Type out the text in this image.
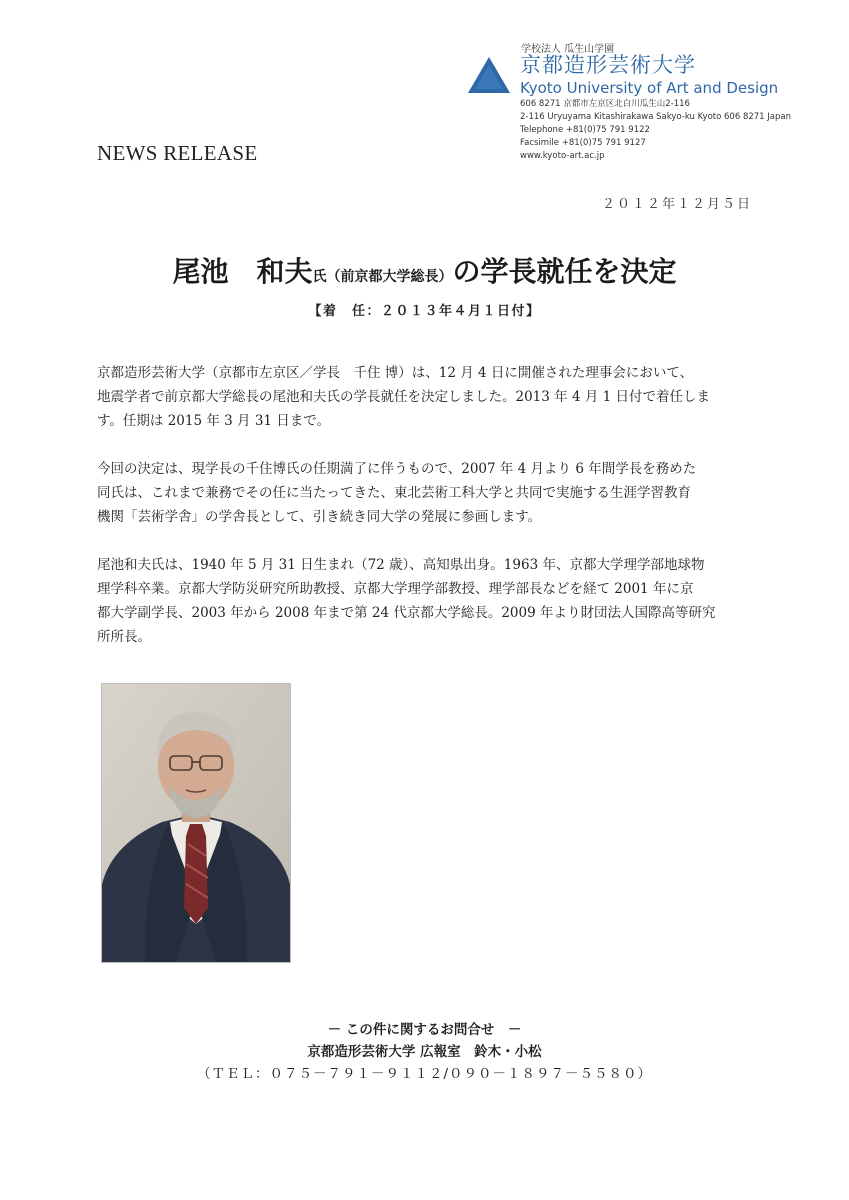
学校法人 瓜生山学園
京都造形芸術大学
Kyoto University of Art and Design
606 8271 京都市左京区北白川瓜生山2-116
2-116 Uryuyama Kitashirakawa Sakyo-ku Kyoto 606 8271 Japan
Telephone +81(0)75 791 9122
Facsimile +81(0)75 791 9127
www.kyoto-art.ac.jp
NEWS RELEASE
２０１２年１２月５日
尾池　和夫氏（前京都大学総長）の学長就任を決定
【着　任：２０１３年４月１日付】
京都造形芸術大学（京都市左京区／学長　千住 博）は、12 月 4 日に開催された理事会において、
地震学者で前京都大学総長の尾池和夫氏の学長就任を決定しました。2013 年 4 月 1 日付で着任しま
す。任期は 2015 年 3 月 31 日まで。
今回の決定は、現学長の千住博氏の任期満了に伴うもので、2007 年 4 月より 6 年間学長を務めた
同氏は、これまで兼務でその任に当たってきた、東北芸術工科大学と共同で実施する生涯学習教育
機関「芸術学舎」の学舎長として、引き続き同大学の発展に参画します。
尾池和夫氏は、1940 年 5 月 31 日生まれ（72 歳）、高知県出身。1963 年、京都大学理学部地球物
理学科卒業。京都大学防災研究所助教授、京都大学理学部教授、理学部長などを経て 2001 年に京
都大学副学長、2003 年から 2008 年まで第 24 代京都大学総長。2009 年より財団法人国際高等研究
所所長。
－ この件に関するお問合せ　－
京都造形芸術大学 広報室　鈴木・小松
（ＴＥＬ：０７５－７９１－９１１２/０９０－１８９７－５５８０）
